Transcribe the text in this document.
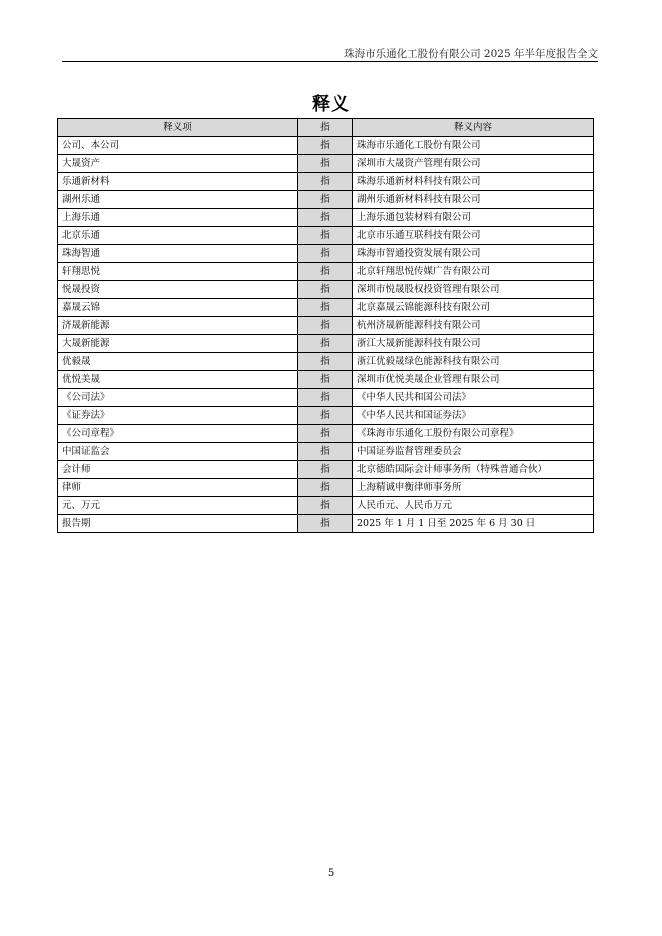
珠海市乐通化工股份有限公司 2025 年半年度报告全文
释义
释义项	指	释义内容
公司、本公司	指	珠海市乐通化工股份有限公司
大晟资产	指	深圳市大晟资产管理有限公司
乐通新材料	指	珠海乐通新材料科技有限公司
湖州乐通	指	湖州乐通新材料科技有限公司
上海乐通	指	上海乐通包装材料有限公司
北京乐通	指	北京市乐通互联科技有限公司
珠海智通	指	珠海市智通投资发展有限公司
轩翔思悦	指	北京轩翔思悦传媒广告有限公司
悦晟投资	指	深圳市悦晟股权投资管理有限公司
嘉晟云锦	指	北京嘉晟云锦能源科技有限公司
济晟新能源	指	杭州济晟新能源科技有限公司
大晟新能源	指	浙江大晟新能源科技有限公司
优毅晟	指	浙江优毅晟绿色能源科技有限公司
优悦美晟	指	深圳市优悦美晟企业管理有限公司
《公司法》	指	《中华人民共和国公司法》
《证券法》	指	《中华人民共和国证券法》
《公司章程》	指	《珠海市乐通化工股份有限公司章程》
中国证监会	指	中国证券监督管理委员会
会计师	指	北京德皓国际会计师事务所（特殊普通合伙）
律师	指	上海精诚申衡律师事务所
元、万元	指	人民币元、人民币万元
报告期	指	2025 年 1 月 1 日至 2025 年 6 月 30 日
5
